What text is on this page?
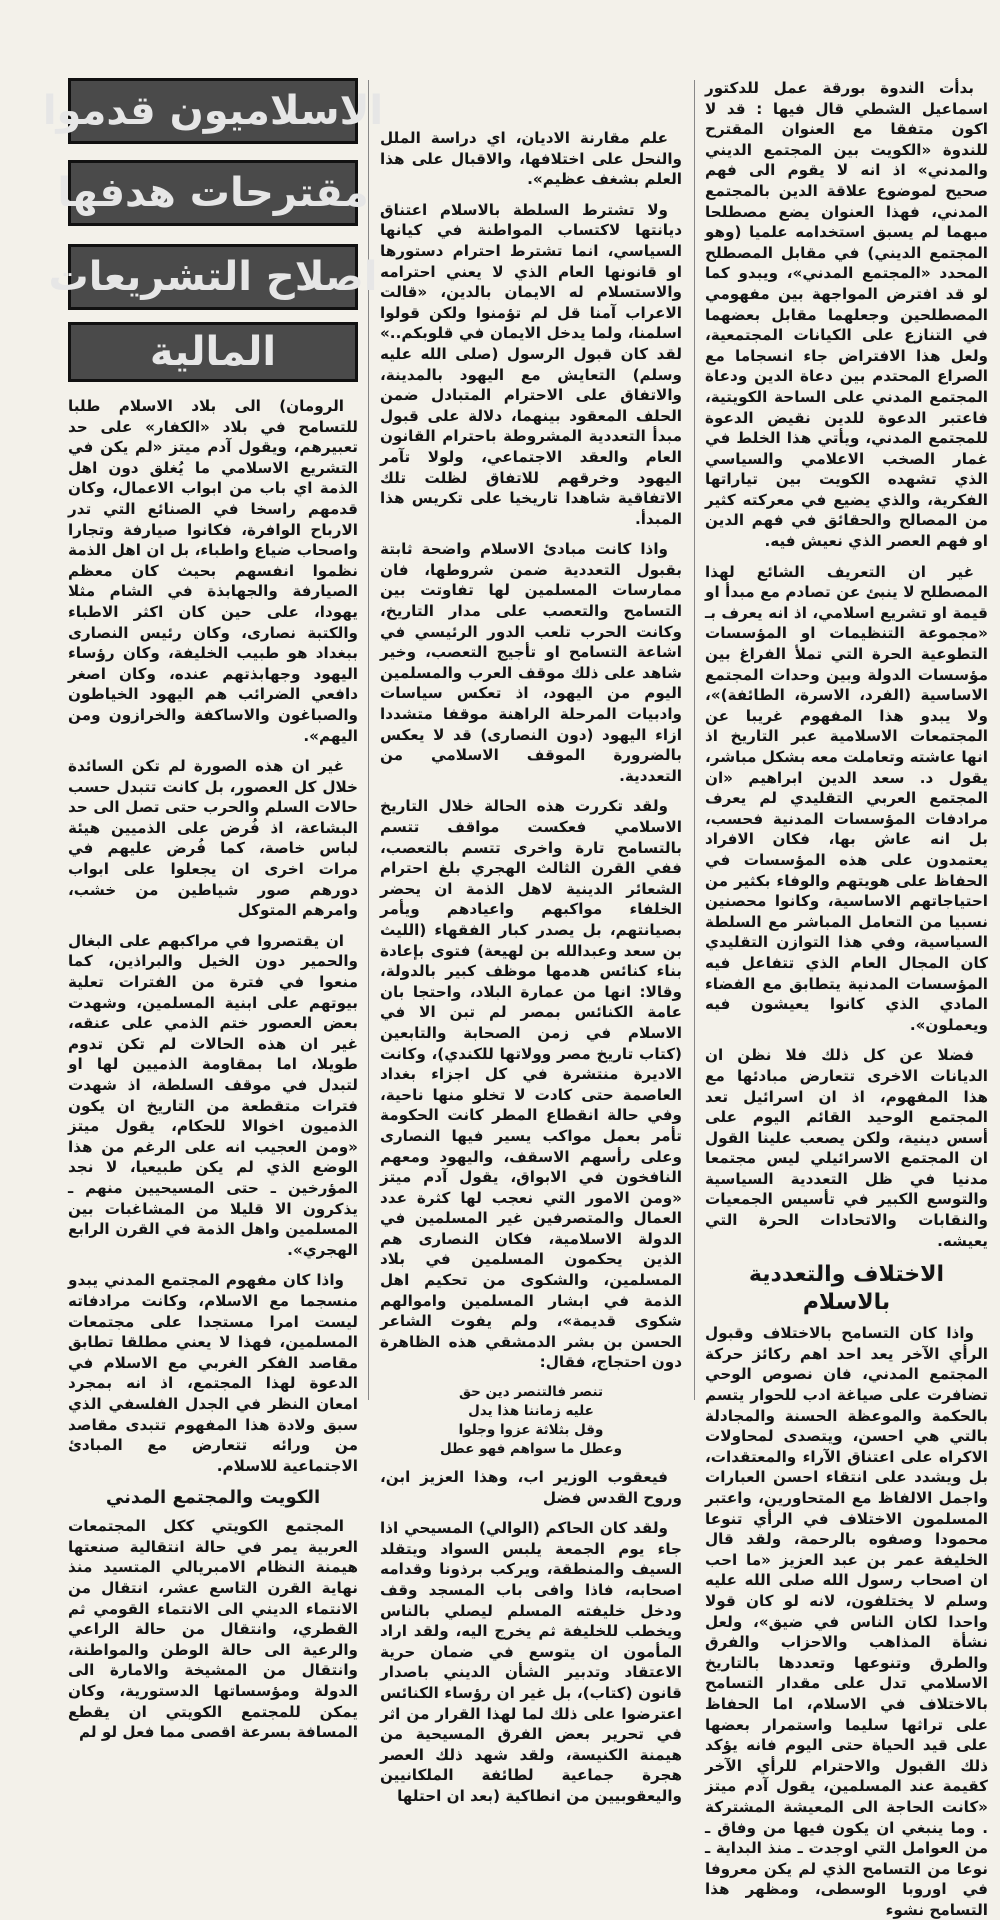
بدأت الندوة بورقة عمل للدكتور اسماعيل الشطي قال فيها : قد لا اكون متفقا مع العنوان المقترح للندوة «الكويت بين المجتمع الديني والمدني» اذ انه لا يقوم الى فهم صحيح لموضوع علاقة الدين بالمجتمع المدني، فهذا العنوان يضع مصطلحا مبهما لم يسبق استخدامه علميا (وهو المجتمع الديني) في مقابل المصطلح المحدد «المجتمع المدني»، ويبدو كما لو قد افترض المواجهة بين مفهومي المصطلحين وجعلهما مقابل بعضهما في التنازع على الكيانات المجتمعية، ولعل هذا الافتراض جاء انسجاما مع الصراع المحتدم بين دعاة الدين ودعاة المجتمع المدني على الساحة الكويتية، فاعتبر الدعوة للدين نقيض الدعوة للمجتمع المدني، ويأتي هذا الخلط في غمار الصخب الاعلامي والسياسي الذي تشهده الكويت بين تياراتها الفكرية، والذي يضيع في معركته كثير من المصالح والحقائق في فهم الدين او فهم العصر الذي نعيش فيه.

غير ان التعريف الشائع لهذا المصطلح لا ينبئ عن تصادم مع مبدأ او قيمة او تشريع اسلامي، اذ انه يعرف بـ «مجموعة التنظيمات او المؤسسات التطوعية الحرة التي تملأ الفراغ بين مؤسسات الدولة وبين وحدات المجتمع الاساسية (الفرد، الاسرة، الطائفة)»، ولا يبدو هذا المفهوم غريبا عن المجتمعات الاسلامية عبر التاريخ اذ انها عاشته وتعاملت معه بشكل مباشر، يقول د. سعد الدين ابراهيم «ان المجتمع العربي التقليدي لم يعرف مرادفات المؤسسات المدنية فحسب، بل انه عاش بها، فكان الافراد يعتمدون على هذه المؤسسات في الحفاظ على هويتهم والوفاء بكثير من احتياجاتهم الاساسية، وكانوا محصنين نسبيا من التعامل المباشر مع السلطة السياسية، وفي هذا التوازن التقليدي كان المجال العام الذي تتفاعل فيه المؤسسات المدنية يتطابق مع الفضاء المادي الذي كانوا يعيشون فيه ويعملون».

فضلا عن كل ذلك فلا نظن ان الديانات الاخرى تتعارض مبادئها مع هذا المفهوم، اذ ان اسرائيل تعد المجتمع الوحيد القائم اليوم على أسس دينية، ولكن يصعب علينا القول ان المجتمع الاسرائيلي ليس مجتمعا مدنيا في ظل التعددية السياسية والتوسع الكبير في تأسيس الجمعيات والنقابات والاتحادات الحرة التي يعيشه.

الاختلاف والتعددية بالاسلام

واذا كان التسامح بالاختلاف وقبول الرأي الآخر يعد احد اهم ركائز حركة المجتمع المدني، فان نصوص الوحي تضافرت على صياغة ادب للحوار يتسم بالحكمة والموعظة الحسنة والمجادلة بالتي هي احسن، ويتصدى لمحاولات الاكراه على اعتناق الآراء والمعتقدات، بل ويشدد على انتقاء احسن العبارات واجمل الالفاظ مع المتحاورين، واعتبر المسلمون الاختلاف في الرأي تنوعا محمودا وصفوه بالرحمة، ولقد قال الخليفة عمر بن عبد العزيز «ما احب ان اصحاب رسول الله صلى الله عليه وسلم لا يختلفون، لانه لو كان قولا واحدا لكان الناس في ضيق»، ولعل نشأة المذاهب والاحزاب والفرق والطرق وتنوعها وتعددها بالتاريخ الاسلامي تدل على مقدار التسامح بالاختلاف في الاسلام، اما الحفاظ على تراثها سليما واستمرار بعضها على قيد الحياة حتى اليوم فانه يؤكد ذلك القبول والاحترام للرأي الآخر كقيمة عند المسلمين، يقول آدم ميتز «كانت الحاجة الى المعيشة المشتركة . وما ينبغي ان يكون فيها من وفاق ـ من العوامل التي اوجدت ـ منذ البداية ـ نوعا من التسامح الذي لم يكن معروفا في اوروبا الوسطى، ومظهر هذا التسامح نشوء

علم مقارنة الاديان، اي دراسة الملل والنحل على اختلافها، والاقبال على هذا العلم بشغف عظيم».

ولا تشترط السلطة بالاسلام اعتناق ديانتها لاكتساب المواطنة في كيانها السياسي، انما تشترط احترام دستورها او قانونها العام الذي لا يعني احترامه والاستسلام له الايمان بالدين، «قالت الاعراب آمنا قل لم تؤمنوا ولكن قولوا اسلمنا، ولما يدخل الايمان في قلوبكم..» لقد كان قبول الرسول (صلى الله عليه وسلم) التعايش مع اليهود بالمدينة، والاتفاق على الاحترام المتبادل ضمن الحلف المعقود بينهما، دلالة على قبول مبدأ التعددية المشروطة باحترام القانون العام والعقد الاجتماعي، ولولا تآمر اليهود وخرقهم للاتفاق لظلت تلك الاتفاقية شاهدا تاريخيا على تكريس هذا المبدأ.

واذا كانت مبادئ الاسلام واضحة ثابتة بقبول التعددية ضمن شروطها، فان ممارسات المسلمين لها تفاوتت بين التسامح والتعصب على مدار التاريخ، وكانت الحرب تلعب الدور الرئيسي في اشاعة التسامح او تأجيج التعصب، وخير شاهد على ذلك موقف العرب والمسلمين اليوم من اليهود، اذ تعكس سياسات وادبيات المرحلة الراهنة موقفا متشددا ازاء اليهود (دون النصارى) قد لا يعكس بالضرورة الموقف الاسلامي من التعددية.

ولقد تكررت هذه الحالة خلال التاريخ الاسلامي فعكست مواقف تتسم بالتسامح تارة واخرى تتسم بالتعصب، ففي القرن الثالث الهجري بلغ احترام الشعائر الدينية لاهل الذمة ان يحضر الخلفاء مواكبهم واعيادهم ويأمر بصيانتهم، بل يصدر كبار الفقهاء (الليث بن سعد وعبدالله بن لهيعة) فتوى بإعادة بناء كنائس هدمها موظف كبير بالدولة، وقالا: انها من عمارة البلاد، واحتجا بان عامة الكنائس بمصر لم تبن الا في الاسلام في زمن الصحابة والتابعين (كتاب تاريخ مصر وولاتها للكندي)، وكانت الاديرة منتشرة في كل اجزاء بغداد العاصمة حتى كادت لا تخلو منها ناحية، وفي حالة انقطاع المطر كانت الحكومة تأمر بعمل مواكب يسير فيها النصارى وعلى رأسهم الاسقف، واليهود ومعهم النافخون في الابواق، يقول آدم ميتز «ومن الامور التي نعجب لها كثرة عدد العمال والمتصرفين غير المسلمين في الدولة الاسلامية، فكان النصارى هم الذين يحكمون المسلمين في بلاد المسلمين، والشكوى من تحكيم اهل الذمة في ابشار المسلمين واموالهم شكوى قديمة»، ولم يفوت الشاعر الحسن بن بشر الدمشقي هذه الظاهرة دون احتجاج، فقال:

تنصر فالتنصر دين حق
عليه زماننا هذا يدل
وقل بثلاثة عزوا وجلوا
وعطل ما سواهم فهو عطل

فيعقوب الوزير اب، وهذا العزيز ابن، وروح القدس فضل

ولقد كان الحاكم (الوالي) المسيحي اذا جاء يوم الجمعة يلبس السواد ويتقلد السيف والمنطقة، ويركب برذونا وقدامه اصحابه، فاذا وافى باب المسجد وقف ودخل خليفته المسلم ليصلي بالناس ويخطب للخليفة ثم يخرج اليه، ولقد اراد المأمون ان يتوسع في ضمان حرية الاعتقاد وتدبير الشأن الديني باصدار قانون (كتاب)، بل غير ان رؤساء الكنائس اعترضوا على ذلك لما لهذا القرار من اثر في تحرير بعض الفرق المسيحية من هيمنة الكنيسة، ولقد شهد ذلك العصر هجرة جماعية لطائفة الملكانيين واليعقوبيين من انطاكية (بعد ان احتلها

الاسلاميون قدموا
مقترحات هدفها
اصلاح التشريعات
المالية

الرومان) الى بلاد الاسلام طلبا للتسامح في بلاد «الكفار» على حد تعبيرهم، ويقول آدم ميتز «لم يكن في التشريع الاسلامي ما يُغلق دون اهل الذمة اي باب من ابواب الاعمال، وكان قدمهم راسخا في الصنائع التي تدر الارباح الوافرة، فكانوا صيارفة وتجارا واصحاب ضياع واطباء، بل ان اهل الذمة نظموا انفسهم بحيث كان معظم الصيارفة والجهابذة في الشام مثلا يهودا، على حين كان اكثر الاطباء والكتبة نصارى، وكان رئيس النصارى ببغداد هو طبيب الخليفة، وكان رؤساء اليهود وجهابذتهم عنده، وكان اصغر دافعي الضرائب هم اليهود الخياطون والصباغون والاساكفة والخرازون ومن اليهم».

غير ان هذه الصورة لم تكن السائدة خلال كل العصور، بل كانت تتبدل حسب حالات السلم والحرب حتى تصل الى حد البشاعة، اذ فُرض على الذميين هيئة لباس خاصة، كما فُرض عليهم في مرات اخرى ان يجعلوا على ابواب دورهم صور شياطين من خشب، وامرهم المتوكل

ان يقتصروا في مراكبهم على البغال والحمير دون الخيل والبراذين، كما منعوا في فترة من الفترات تعلية بيوتهم على ابنية المسلمين، وشهدت بعض العصور ختم الذمي على عنقه، غير ان هذه الحالات لم تكن تدوم طويلا، اما بمقاومة الذميين لها او لتبدل في موقف السلطة، اذ شهدت فترات متقطعة من التاريخ ان يكون الذميون اخوالا للحكام، يقول ميتز «ومن العجيب انه على الرغم من هذا الوضع الذي لم يكن طبيعيا، لا نجد المؤرخين ـ حتى المسيحيين منهم ـ يذكرون الا قليلا من المشاغبات بين المسلمين واهل الذمة في القرن الرابع الهجري».

واذا كان مفهوم المجتمع المدني يبدو منسجما مع الاسلام، وكانت مرادفاته ليست امرا مستجدا على مجتمعات المسلمين، فهذا لا يعني مطلقا تطابق مقاصد الفكر الغربي مع الاسلام في الدعوة لهذا المجتمع، اذ انه بمجرد امعان النظر في الجدل الفلسفي الذي سبق ولادة هذا المفهوم تتبدى مقاصد من ورائه تتعارض مع المبادئ الاجتماعية للاسلام.

الكويت والمجتمع المدني

المجتمع الكويتي ككل المجتمعات العربية يمر في حالة انتقالية صنعتها هيمنة النظام الامبريالي المتسيد منذ نهاية القرن التاسع عشر، انتقال من الانتماء الديني الى الانتماء القومي ثم القطري، وانتقال من حالة الراعي والرعية الى حالة الوطن والمواطنة، وانتقال من المشيخة والامارة الى الدولة ومؤسساتها الدستورية، وكان يمكن للمجتمع الكويتي ان يقطع المسافة بسرعة اقصى مما فعل لو لم
